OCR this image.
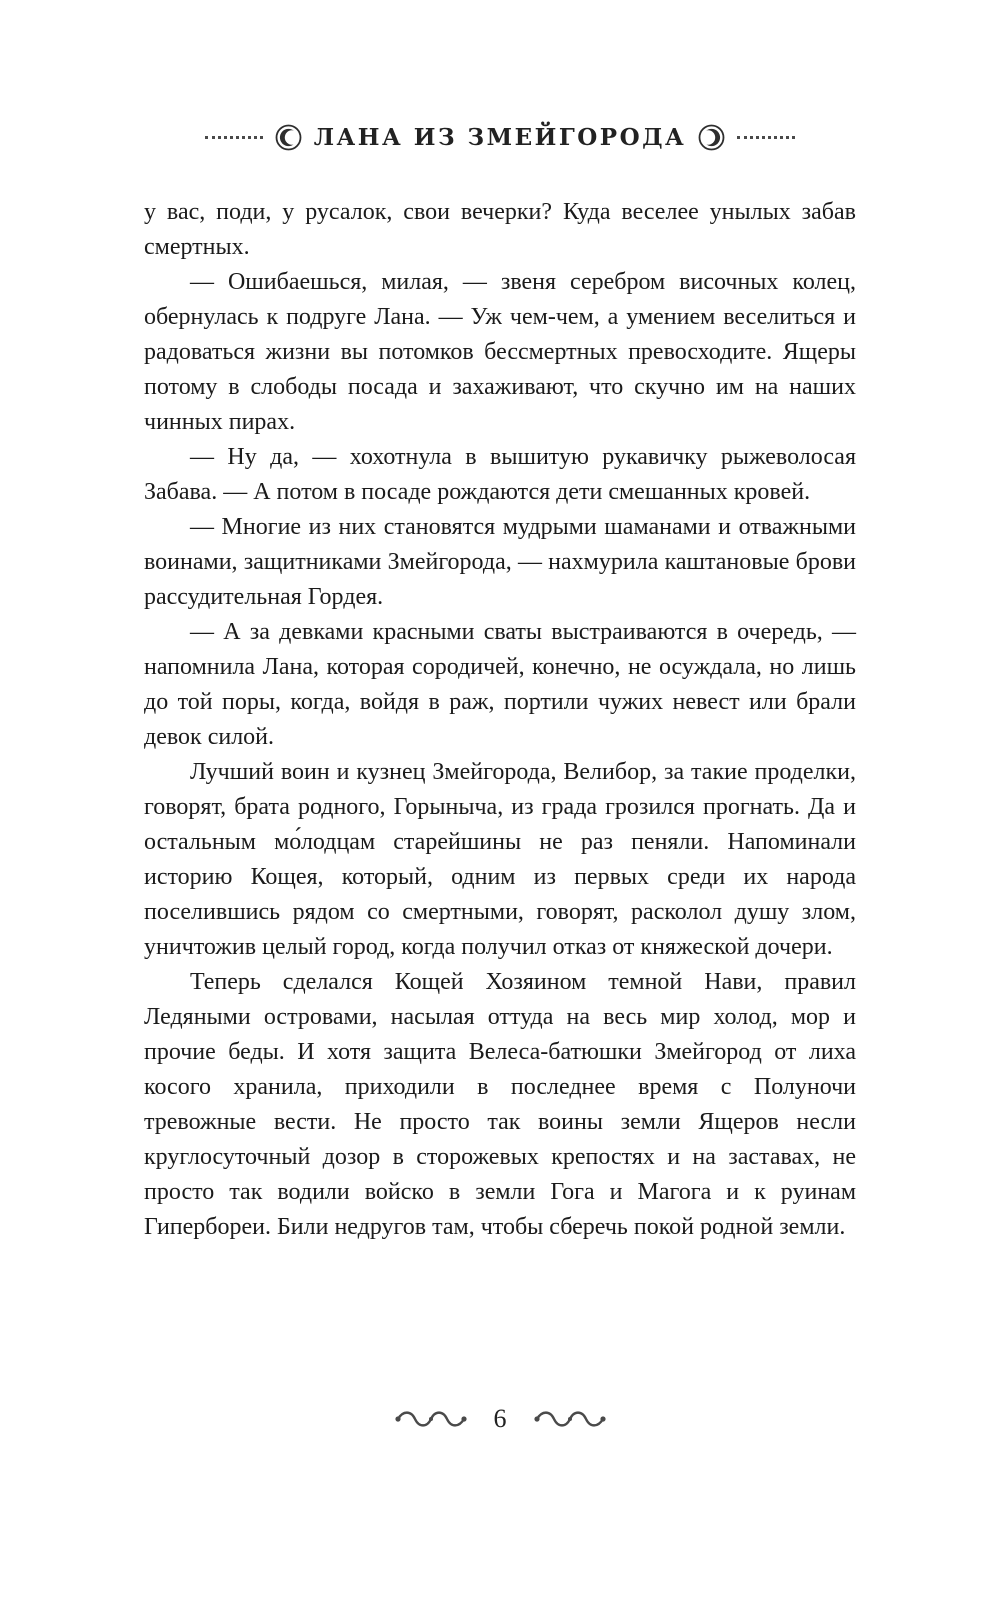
ЛАНА ИЗ ЗМЕЙГОРОДА

у вас, поди, у русалок, свои вечерки? Куда веселее унылых забав смертных.

— Ошибаешься, милая, — звеня серебром височных колец, обернулась к подруге Лана. — Уж чем-чем, а умением веселиться и радоваться жизни вы потомков бессмертных превосходите. Ящеры потому в слободы посада и захаживают, что скучно им на наших чинных пирах.

— Ну да, — хохотнула в вышитую рукавичку рыжеволосая Забава. — А потом в посаде рождаются дети смешанных кровей.

— Многие из них становятся мудрыми шаманами и отважными воинами, защитниками Змейгорода, — нахмурила каштановые брови рассудительная Гордея.

— А за девками красными сваты выстраиваются в очередь, — напомнила Лана, которая сородичей, конечно, не осуждала, но лишь до той поры, когда, войдя в раж, портили чужих невест или брали девок силой.

Лучший воин и кузнец Змейгорода, Велибор, за такие проделки, говорят, брата родного, Горыныча, из града грозился прогнать. Да и остальным мо́лодцам старейшины не раз пеняли. Напоминали историю Кощея, который, одним из первых среди их народа поселившись рядом со смертными, говорят, расколол душу злом, уничтожив целый город, когда получил отказ от княжеской дочери.

Теперь сделался Кощей Хозяином темной Нави, правил Ледяными островами, насылая оттуда на весь мир холод, мор и прочие беды. И хотя защита Велеса-батюшки Змейгород от лиха косого хранила, приходили в последнее время с Полуночи тревожные вести. Не просто так воины земли Ящеров несли круглосуточный дозор в сторожевых крепостях и на заставах, не просто так водили войско в земли Гога и Магога и к руинам Гипербореи. Били недругов там, чтобы сберечь покой родной земли.

6
